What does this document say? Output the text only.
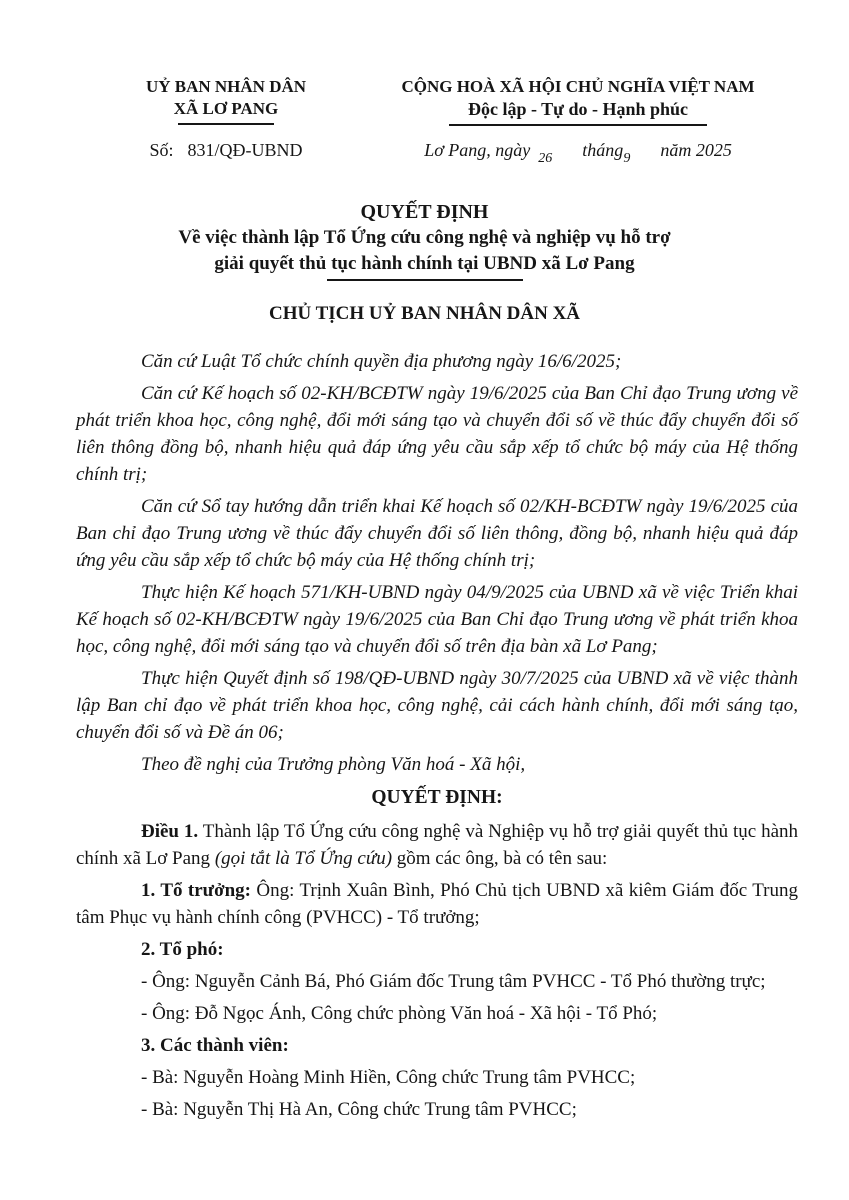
UỶ BAN NHÂN DÂN
XÃ LƠ PANG
CỘNG HOÀ XÃ HỘI CHỦ NGHĨA VIỆT NAM
Độc lập - Tự do - Hạnh phúc
Số: 831/QĐ-UBND	Lơ Pang, ngày $_{26}$ tháng$_9$ năm 2025
QUYẾT ĐỊNH
Về việc thành lập Tổ Ứng cứu công nghệ và nghiệp vụ hỗ trợ
giải quyết thủ tục hành chính tại UBND xã Lơ Pang
CHỦ TỊCH UỶ BAN NHÂN DÂN XÃ

Căn cứ Luật Tổ chức chính quyền địa phương ngày 16/6/2025;

Căn cứ Kế hoạch số 02-KH/BCĐTW ngày 19/6/2025 của Ban Chỉ đạo Trung ương về phát triển khoa học, công nghệ, đổi mới sáng tạo và chuyển đổi số về thúc đẩy chuyển đổi số liên thông đồng bộ, nhanh hiệu quả đáp ứng yêu cầu sắp xếp tổ chức bộ máy của Hệ thống chính trị;

Căn cứ Sổ tay hướng dẫn triển khai Kế hoạch số 02/KH-BCĐTW ngày 19/6/2025 của Ban chỉ đạo Trung ương về thúc đẩy chuyển đổi số liên thông, đồng bộ, nhanh hiệu quả đáp ứng yêu cầu sắp xếp tổ chức bộ máy của Hệ thống chính trị;

Thực hiện Kế hoạch 571/KH-UBND ngày 04/9/2025 của UBND xã về việc Triển khai Kế hoạch số 02-KH/BCĐTW ngày 19/6/2025 của Ban Chỉ đạo Trung ương về phát triển khoa học, công nghệ, đổi mới sáng tạo và chuyển đổi số trên địa bàn xã Lơ Pang;

Thực hiện Quyết định số 198/QĐ-UBND ngày 30/7/2025 của UBND xã về việc thành lập Ban chỉ đạo về phát triển khoa học, công nghệ, cải cách hành chính, đổi mới sáng tạo, chuyển đổi số và Đề án 06;

Theo đề nghị của Trưởng phòng Văn hoá - Xã hội,

QUYẾT ĐỊNH:

Điều 1. Thành lập Tổ Ứng cứu công nghệ và Nghiệp vụ hỗ trợ giải quyết thủ tục hành chính xã Lơ Pang (gọi tắt là Tổ Ứng cứu) gồm các ông, bà có tên sau:

1. Tổ trưởng: Ông: Trịnh Xuân Bình, Phó Chủ tịch UBND xã kiêm Giám đốc Trung tâm Phục vụ hành chính công (PVHCC) - Tổ trưởng;

2. Tổ phó:

- Ông: Nguyễn Cảnh Bá, Phó Giám đốc Trung tâm PVHCC - Tổ Phó thường trực;

- Ông: Đỗ Ngọc Ánh, Công chức phòng Văn hoá - Xã hội - Tổ Phó;

3. Các thành viên:

- Bà: Nguyễn Hoàng Minh Hiền, Công chức Trung tâm PVHCC;

- Bà: Nguyễn Thị Hà An, Công chức Trung tâm PVHCC;
